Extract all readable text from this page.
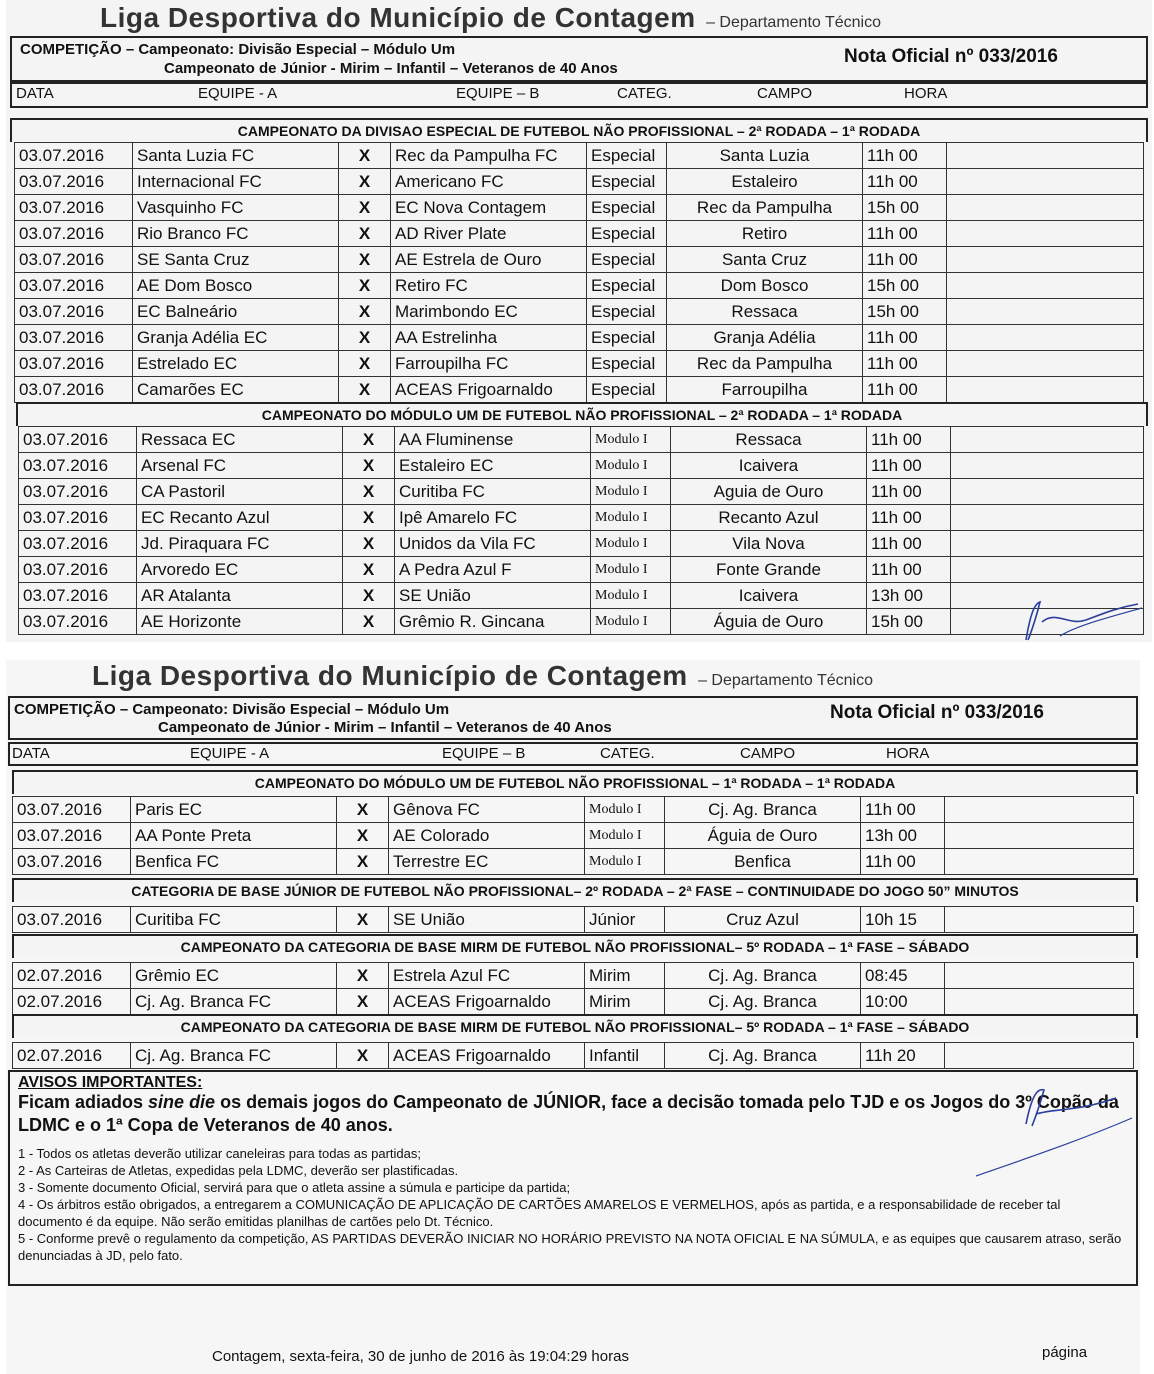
Liga Desportiva do Município de Contagem – Departamento Técnico
COMPETIÇÃO – Campeonato: Divisão Especial – Módulo Um
Campeonato de Júnior - Mirim – Infantil – Veteranos de 40 Anos
Nota Oficial nº 033/2016
DATA	EQUIPE - A	EQUIPE – B	CATEG.	CAMPO	HORA
CAMPEONATO DA DIVISAO ESPECIAL DE FUTEBOL NÃO PROFISSIONAL – 2ª RODADA – 1ª RODADA
03.07.2016	Santa Luzia FC	X	Rec da Pampulha FC	Especial	Santa Luzia	11h 00	
03.07.2016	Internacional FC	X	Americano FC	Especial	Estaleiro	11h 00	
03.07.2016	Vasquinho FC	X	EC Nova Contagem	Especial	Rec da Pampulha	15h 00	
03.07.2016	Rio Branco FC	X	AD River Plate	Especial	Retiro	11h 00	
03.07.2016	SE Santa Cruz	X	AE Estrela de Ouro	Especial	Santa Cruz	11h 00	
03.07.2016	AE Dom Bosco	X	Retiro FC	Especial	Dom Bosco	15h 00	
03.07.2016	EC Balneário	X	Marimbondo EC	Especial	Ressaca	15h 00	
03.07.2016	Granja Adélia EC	X	AA Estrelinha	Especial	Granja Adélia	11h 00	
03.07.2016	Estrelado EC	X	Farroupilha FC	Especial	Rec da Pampulha	11h 00	
03.07.2016	Camarões EC	X	ACEAS Frigoarnaldo	Especial	Farroupilha	11h 00	
CAMPEONATO DO MÓDULO UM DE FUTEBOL NÃO PROFISSIONAL – 2ª RODADA – 1ª RODADA
03.07.2016	Ressaca EC	X	AA Fluminense	Modulo I	Ressaca	11h 00	
03.07.2016	Arsenal FC	X	Estaleiro EC	Modulo I	Icaivera	11h 00	
03.07.2016	CA Pastoril	X	Curitiba FC	Modulo I	Aguia de Ouro	11h 00	
03.07.2016	EC Recanto Azul	X	Ipê Amarelo FC	Modulo I	Recanto Azul	11h 00	
03.07.2016	Jd. Piraquara FC	X	Unidos da Vila FC	Modulo I	Vila Nova	11h 00	
03.07.2016	Arvoredo EC	X	A Pedra Azul F	Modulo I	Fonte Grande	11h 00	
03.07.2016	AR Atalanta	X	SE União	Modulo I	Icaivera	13h 00	
03.07.2016	AE Horizonte	X	Grêmio R. Gincana	Modulo I	Águia de Ouro	15h 00	
Liga Desportiva do Município de Contagem – Departamento Técnico
COMPETIÇÃO – Campeonato: Divisão Especial – Módulo Um
Campeonato de Júnior - Mirim – Infantil – Veteranos de 40 Anos
Nota Oficial nº 033/2016
DATA	EQUIPE - A	EQUIPE – B	CATEG.	CAMPO	HORA
CAMPEONATO DO MÓDULO UM DE FUTEBOL NÃO PROFISSIONAL – 1ª RODADA – 1ª RODADA
03.07.2016	Paris EC	X	Gênova FC	Modulo I	Cj. Ag. Branca	11h 00	
03.07.2016	AA Ponte Preta	X	AE Colorado	Modulo I	Águia de Ouro	13h 00	
03.07.2016	Benfica FC	X	Terrestre EC	Modulo I	Benfica	11h 00	
CATEGORIA DE BASE JÚNIOR DE FUTEBOL NÃO PROFISSIONAL– 2º RODADA – 2ª FASE – CONTINUIDADE DO JOGO 50” MINUTOS
03.07.2016	Curitiba FC	X	SE União	Júnior	Cruz Azul	10h 15	
CAMPEONATO DA CATEGORIA DE BASE MIRM DE FUTEBOL NÃO PROFISSIONAL– 5º RODADA – 1ª FASE – SÁBADO
02.07.2016	Grêmio EC	X	Estrela Azul FC	Mirim	Cj. Ag. Branca	08:45	
02.07.2016	Cj. Ag. Branca FC	X	ACEAS Frigoarnaldo	Mirim	Cj. Ag. Branca	10:00	
CAMPEONATO DA CATEGORIA DE BASE MIRM DE FUTEBOL NÃO PROFISSIONAL– 5º RODADA – 1ª FASE – SÁBADO
02.07.2016	Cj. Ag. Branca FC	X	ACEAS Frigoarnaldo	Infantil	Cj. Ag. Branca	11h 20	
AVISOS IMPORTANTES:
Ficam adiados sine die os demais jogos do Campeonato de JÚNIOR, face a decisão tomada pelo TJD e os Jogos do 3º Copão da LDMC e o 1ª Copa de Veteranos de 40 anos.
1 - Todos os atletas deverão utilizar caneleiras para todas as partidas;
2 - As Carteiras de Atletas, expedidas pela LDMC, deverão ser plastificadas.
3 - Somente documento Oficial, servirá para que o atleta assine a súmula e participe da partida;
4 - Os árbitros estão obrigados, a entregarem a COMUNICAÇÃO DE APLICAÇÃO DE CARTÕES AMARELOS E VERMELHOS, após as partida, e a responsabilidade de receber tal documento é da equipe. Não serão emitidas planilhas de cartões pelo Dt. Técnico.
5 - Conforme prevê o regulamento da competição, AS PARTIDAS DEVERÃO INICIAR NO HORÁRIO PREVISTO NA NOTA OFICIAL E NA SÚMULA, e as equipes que causarem atraso, serão denunciadas à JD, pelo fato.
Contagem, sexta-feira, 30 de junho de 2016 às 19:04:29 horas	página
